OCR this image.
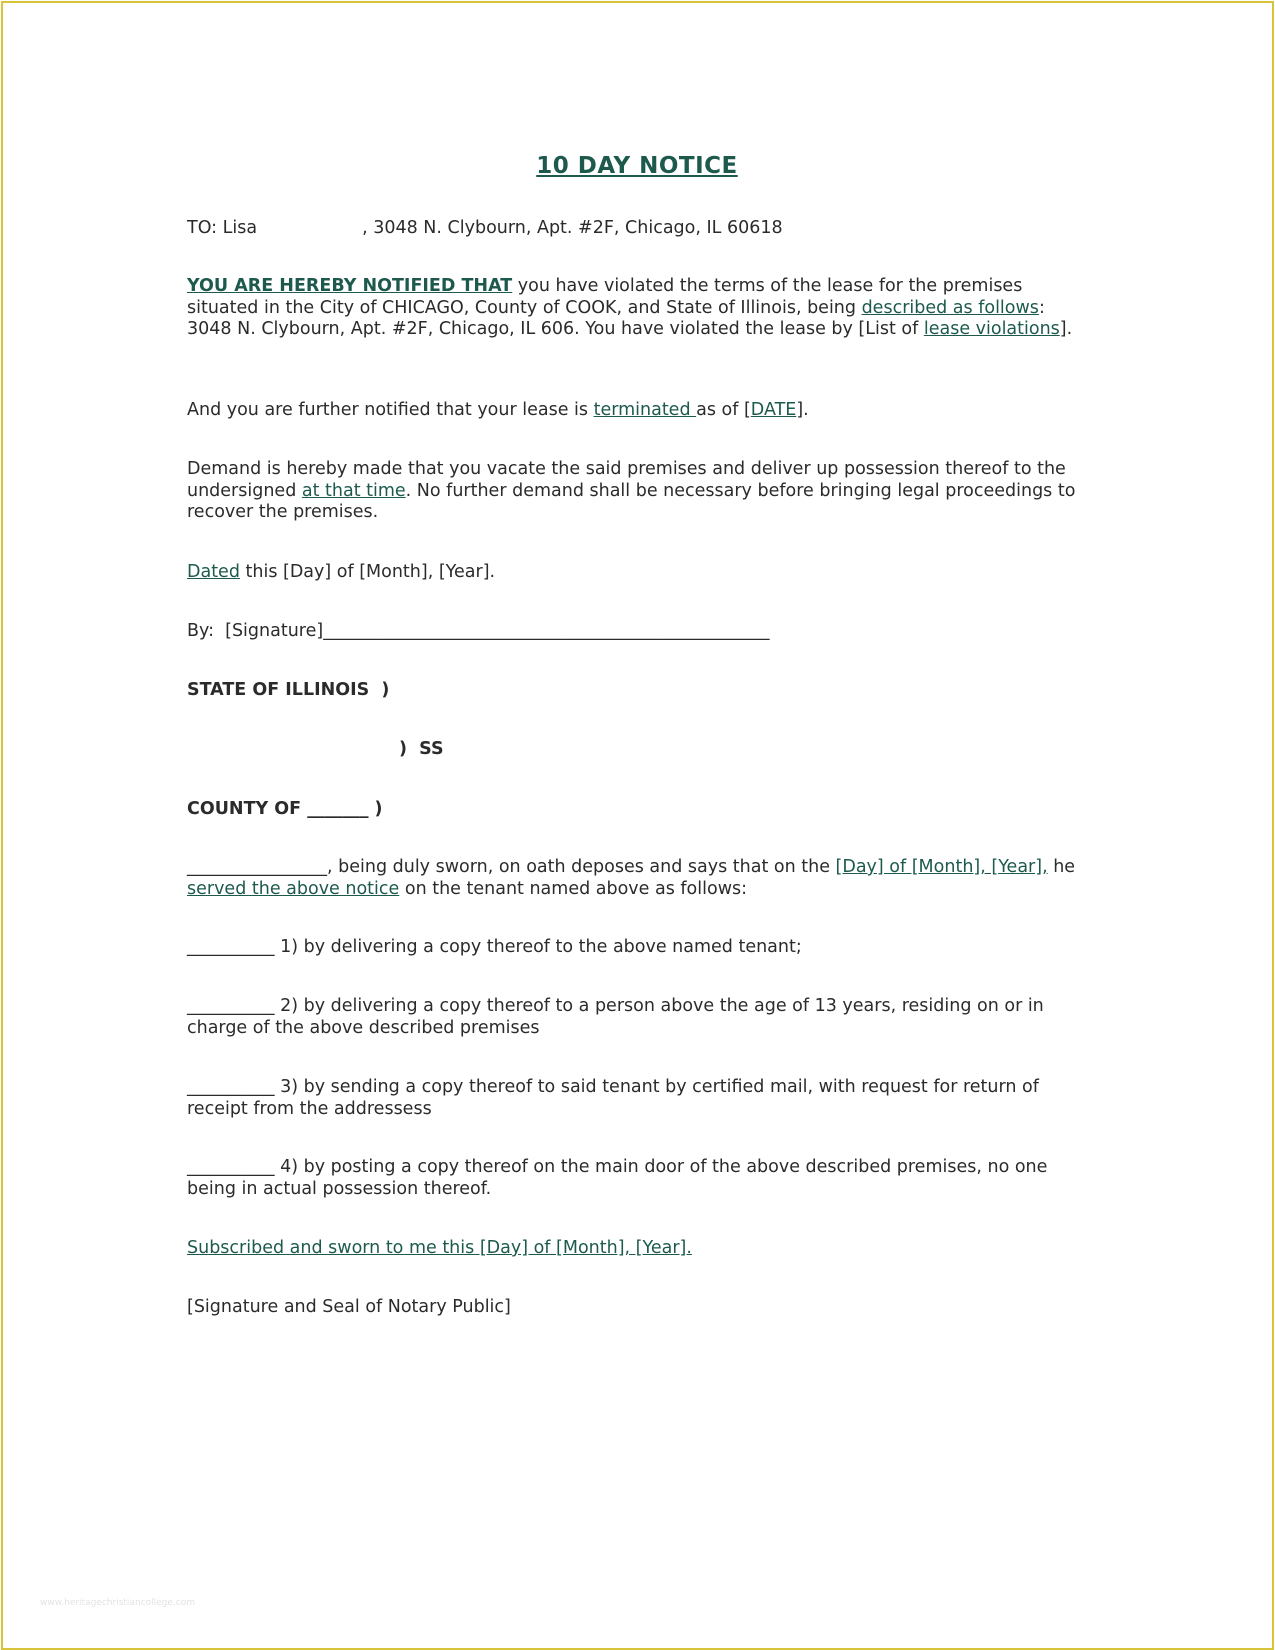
10 DAY NOTICE

TO: Lisa	, 3048 N. Clybourn, Apt. #2F, Chicago, IL 60618

YOU ARE HEREBY NOTIFIED THAT you have violated the terms of the lease for the premises situated in the City of CHICAGO, County of COOK, and State of Illinois, being described as follows: 3048 N. Clybourn, Apt. #2F, Chicago, IL 606. You have violated the lease by [List of lease violations].

And you are further notified that your lease is terminated as of [DATE].

Demand is hereby made that you vacate the said premises and deliver up possession thereof to the undersigned at that time. No further demand shall be necessary before bringing legal proceedings to recover the premises.

Dated this [Day] of [Month], [Year].

By:  [Signature]___________________________________________________

STATE OF ILLINOIS  )

)  SS

COUNTY OF _______ )

________________, being duly sworn, on oath deposes and says that on the [Day] of [Month], [Year], he served the above notice on the tenant named above as follows:

__________ 1) by delivering a copy thereof to the above named tenant;

__________ 2) by delivering a copy thereof to a person above the age of 13 years, residing on or in charge of the above described premises

__________ 3) by sending a copy thereof to said tenant by certified mail, with request for return of receipt from the addressess

__________ 4) by posting a copy thereof on the main door of the above described premises, no one being in actual possession thereof.

Subscribed and sworn to me this [Day] of [Month], [Year].

[Signature and Seal of Notary Public]

www.heritagechristiancollege.com
